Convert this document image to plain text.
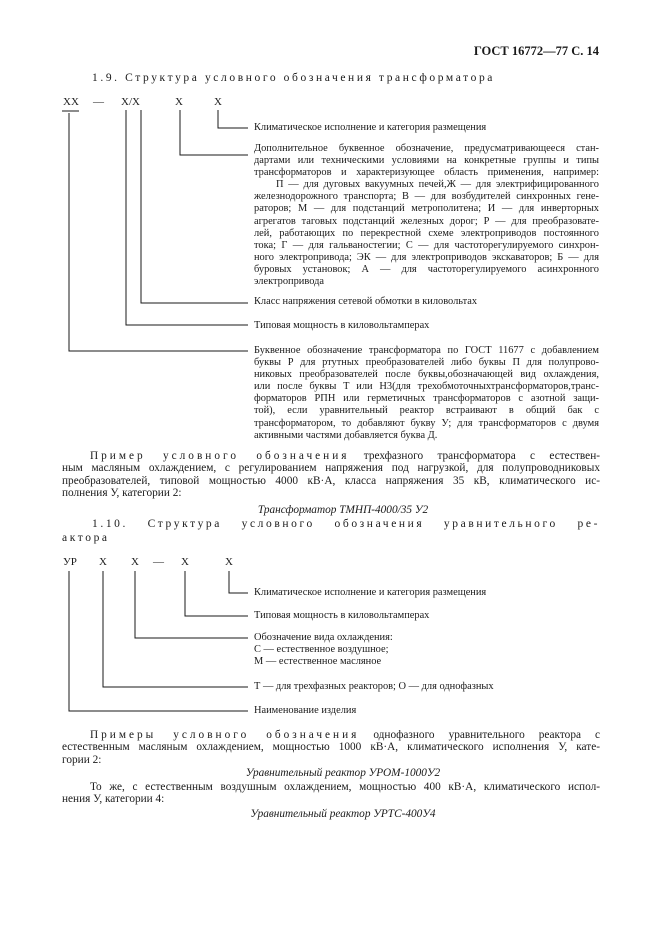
ГОСТ 16772—77 С. 14
1.9. Структура условного обозначения трансформатора
ХХ — Х/Х	Х	Х
Климатическое исполнение и категория размещения
Дополнительное буквенное обозначение, предусматривающееся стан-
дартами или техническими условиями на конкретные группы и типы
трансформаторов и характеризующее область применения, например:
П — для дуговых вакуумных печей,Ж — для электрифицированного
железнодорожного транспорта; В — для возбудителей синхронных гене-
раторов; М — для подстанций метрополитена; И — для инверторных
агрегатов таговых подстанций железных дорог; Р — для преобразовате-
лей, работающих по перекрестной схеме электроприводов постоянного
тока; Г — для гальваностегии; С — для частоторегулируемого синхрон-
ного электропривода; ЭК — для электроприводов экскаваторов; Б — для
буровых установок; А — для частоторегулируемого асинхронного
электропривода
Класс напряжения сетевой обмотки в киловольтах
Типовая мощность в киловольтамперах
Буквенное обозначение трансформатора по ГОСТ 11677 с добавлением
буквы Р для ртутных преобразователей либо буквы П для полупрово-
никовых преобразователей после буквы,обозначающей вид охлаждения,
или после буквы Т или Н3(для трехобмоточныхтрансформаторов,транс-
форматоров РПН или герметичных трансформаторов с азотной защи-
той), если уравнительный реактор встраивают в общий бак с
трансформатором, то добавляют букву У; для трансформаторов с двумя
активными частями добавляется буква Д.
Пример условного обозначения трехфазного трансформатора с естествен-
ным масляным охлаждением, с регулированием напряжения под нагрузкой, для полупроводниковых
преобразователей, типовой мощностью 4000 кВ·А, класса напряжения 35 кВ, климатического ис-
полнения У, категории 2:
Трансформатор ТМНП-4000/35 У2
1.10. Структура условного обозначения уравнительного ре-
актора
УР Х Х — Х	Х
Климатическое исполнение и категория размещения
Типовая мощность в киловольтамперах
Обозначение вида охлаждения:
С — естественное воздушное;
М — естественное масляное
Т — для трехфазных реакторов; О — для однофазных
Наименование изделия
Примеры условного обозначения однофазного уравнительного реактора с
естественным масляным охлаждением, мощностью 1000 кВ·А, климатического исполнения У, кате-
гории 2:
Уравнительный реактор УРОМ-1000У2
То же, с естественным воздушным охлаждением, мощностью 400 кВ·А, климатического испол-
нения У, категории 4:
Уравнительный реактор УРТС-400У4
